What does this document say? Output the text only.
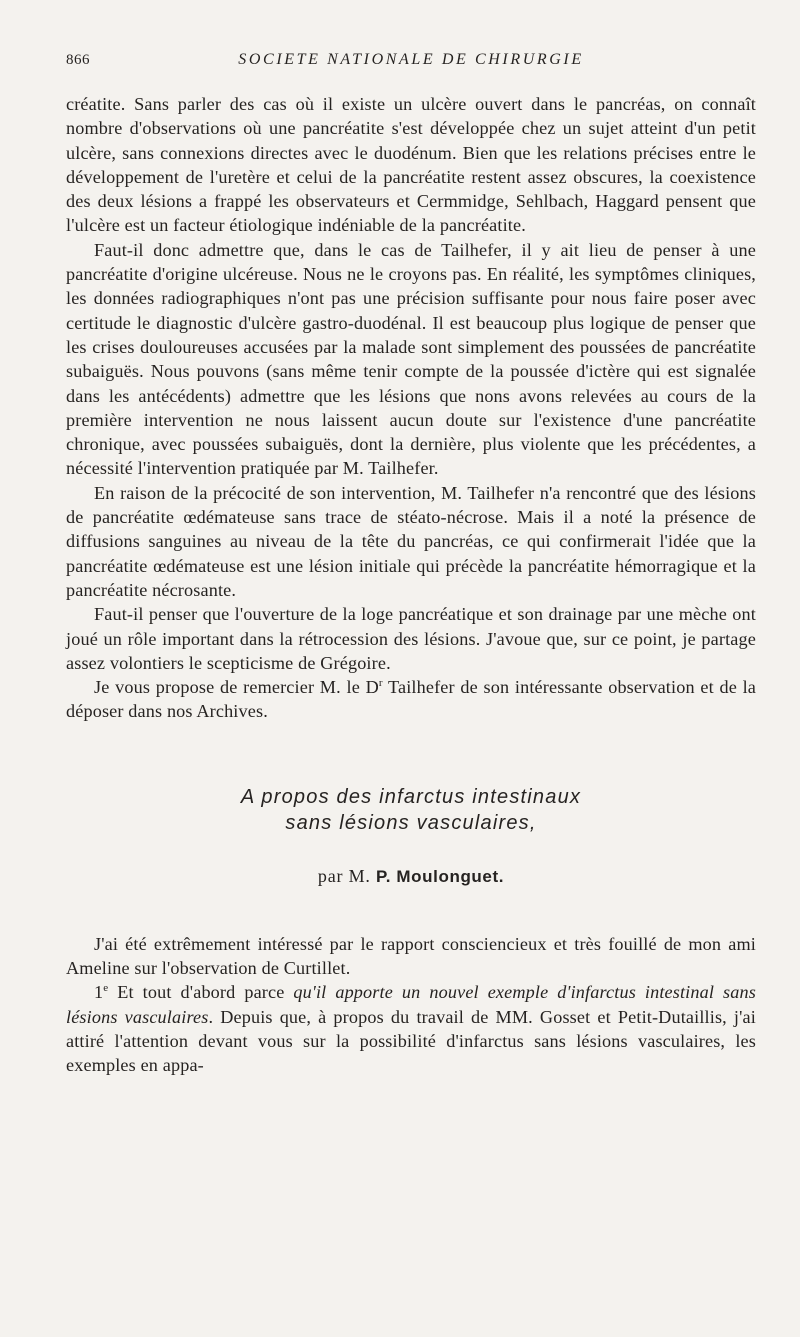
866	SOCIETE NATIONALE DE CHIRURGIE

créatite. Sans parler des cas où il existe un ulcère ouvert dans le pancréas, on connaît nombre d'observations où une pancréatite s'est développée chez un sujet atteint d'un petit ulcère, sans connexions directes avec le duodénum. Bien que les relations précises entre le développement de l'uretère et celui de la pancréatite restent assez obscures, la coexistence des deux lésions a frappé les observateurs et Cermmidge, Sehlbach, Haggard pensent que l'ulcère est un facteur étiologique indéniable de la pancréatite.

Faut-il donc admettre que, dans le cas de Tailhefer, il y ait lieu de penser à une pancréatite d'origine ulcéreuse. Nous ne le croyons pas. En réalité, les symptômes cliniques, les données radiographiques n'ont pas une précision suffisante pour nous faire poser avec certitude le diagnostic d'ulcère gastro-duodénal. Il est beaucoup plus logique de penser que les crises douloureuses accusées par la malade sont simplement des poussées de pancréatite subaiguës. Nous pouvons (sans même tenir compte de la poussée d'ictère qui est signalée dans les antécédents) admettre que les lésions que nons avons relevées au cours de la première intervention ne nous laissent aucun doute sur l'existence d'une pancréatite chronique, avec poussées subaiguës, dont la dernière, plus violente que les précédentes, a nécessité l'intervention pratiquée par M. Tailhefer.

En raison de la précocité de son intervention, M. Tailhefer n'a rencontré que des lésions de pancréatite œdémateuse sans trace de stéato-nécrose. Mais il a noté la présence de diffusions sanguines au niveau de la tête du pancréas, ce qui confirmerait l'idée que la pancréatite œdémateuse est une lésion initiale qui précède la pancréatite hémorragique et la pancréatite nécrosante.

Faut-il penser que l'ouverture de la loge pancréatique et son drainage par une mèche ont joué un rôle important dans la rétrocession des lésions. J'avoue que, sur ce point, je partage assez volontiers le scepticisme de Grégoire.

Je vous propose de remercier M. le $D^r$ Tailhefer de son intéressante observation et de la déposer dans nos Archives.

A propos des infarctus intestinaux
sans lésions vasculaires,
par M. P. Moulonguet.

J'ai été extrêmement intéressé par le rapport consciencieux et très fouillé de mon ami Ameline sur l'observation de Curtillet.

1e Et tout d'abord parce qu'il apporte un nouvel exemple d'infarctus intestinal sans lésions vasculaires. Depuis que, à propos du travail de MM. Gosset et Petit-Dutaillis, j'ai attiré l'attention devant vous sur la possibilité d'infarctus sans lésions vasculaires, les exemples en appa-
